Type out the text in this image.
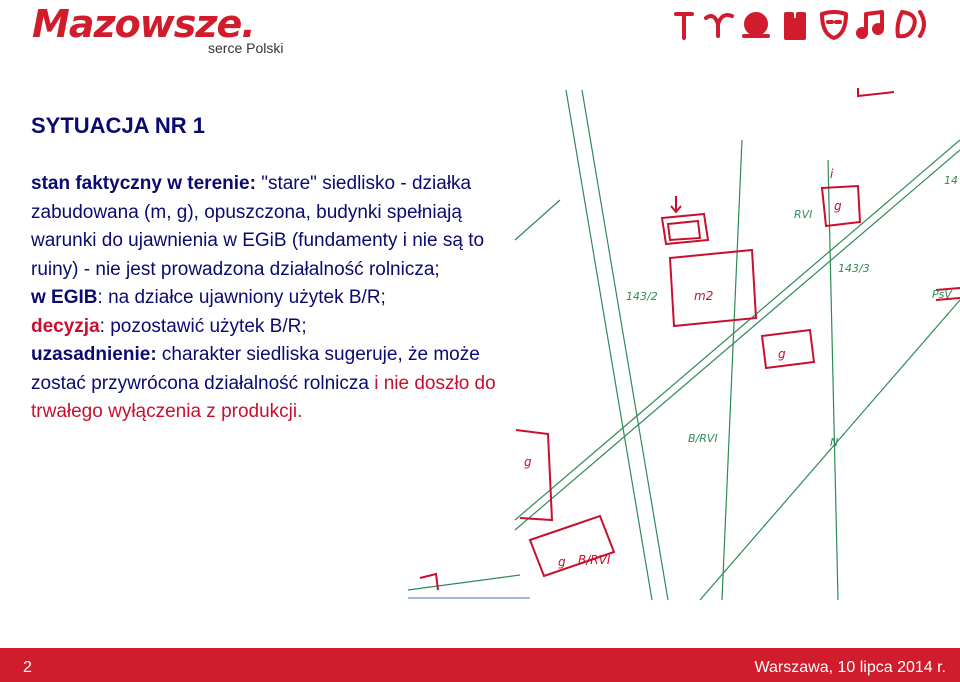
Mazowsze.
serce Polski
143/2
143/3
14
RVI
B/RVI
PsV
N
m2
g
g
g
g B/RVI
i
SYTUACJA NR 1

stan faktyczny w terenie: "stare" siedlisko - działka zabudowana (m, g), opuszczona, budynki spełniają warunki do ujawnienia w EGiB (fundamenty i nie są to ruiny) - nie jest prowadzona działalność rolnicza;

w EGIB: na działce ujawniony użytek B/R;

decyzja: pozostawić użytek B/R;

uzasadnienie: charakter siedliska sugeruje, że może zostać przywrócona działalność rolnicza i nie doszło do trwałego wyłączenia z produkcji.

2	Warszawa, 10 lipca 2014 r.
